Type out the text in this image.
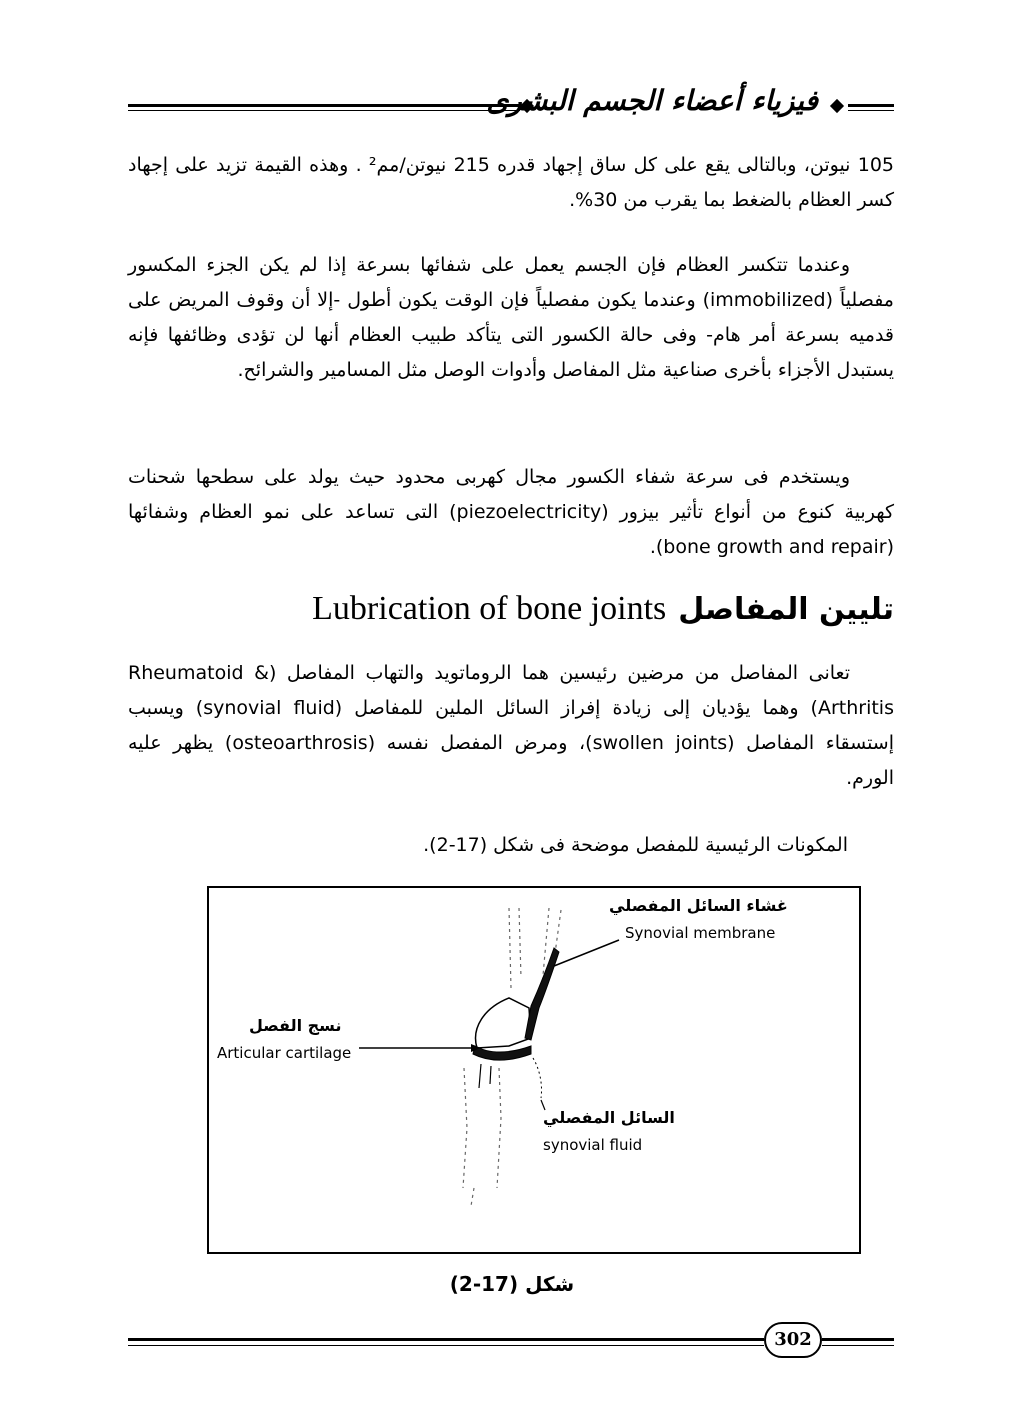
فيزياء أعضاء الجسم البشرى

105 نيوتن، وبالتالى يقع على كل ساق إجهاد قدره 215 نيوتن/مم² . وهذه القيمة تزيد على إجهاد كسر العظام بالضغط بما يقرب من 30%.

وعندما تتكسر العظام فإن الجسم يعمل على شفائها بسرعة إذا لم يكن الجزء المكسور مفصلياً (immobilized) وعندما يكون مفصلياً فإن الوقت يكون أطول -إلا أن وقوف المريض على قدميه بسرعة أمر هام- وفى حالة الكسور التى يتأكد طبيب العظام أنها لن تؤدى وظائفها فإنه يستبدل الأجزاء بأخرى صناعية مثل المفاصل وأدوات الوصل مثل المسامير والشرائح.

ويستخدم فى سرعة شفاء الكسور مجال كهربى محدود حيث يولد على سطحها شحنات كهربية كنوع من أنواع تأثير بيزور (piezoelectricity) التى تساعد على نمو العظام وشفائها (bone growth and repair).

تليين المفاصلLubrication of bone joints

تعانى المفاصل من مرضين رئيسين هما الروماتويد والتهاب المفاصل (Rheumatoid & Arthritis) وهما يؤديان إلى زيادة إفراز السائل الملين للمفاصل (synovial fluid) ويسبب إستسقاء المفاصل (swollen joints)، ومرض المفصل نفسه (osteoarthrosis) يظهر عليه الورم.

المكونات الرئيسية للمفصل موضحة فى شكل (17-2).

غشاء السائل المفصلي
Synovial membrane
نسج الفصل
Articular cartilage
السائل المفصلي
synovial fluid
شكل (17-2)
302
